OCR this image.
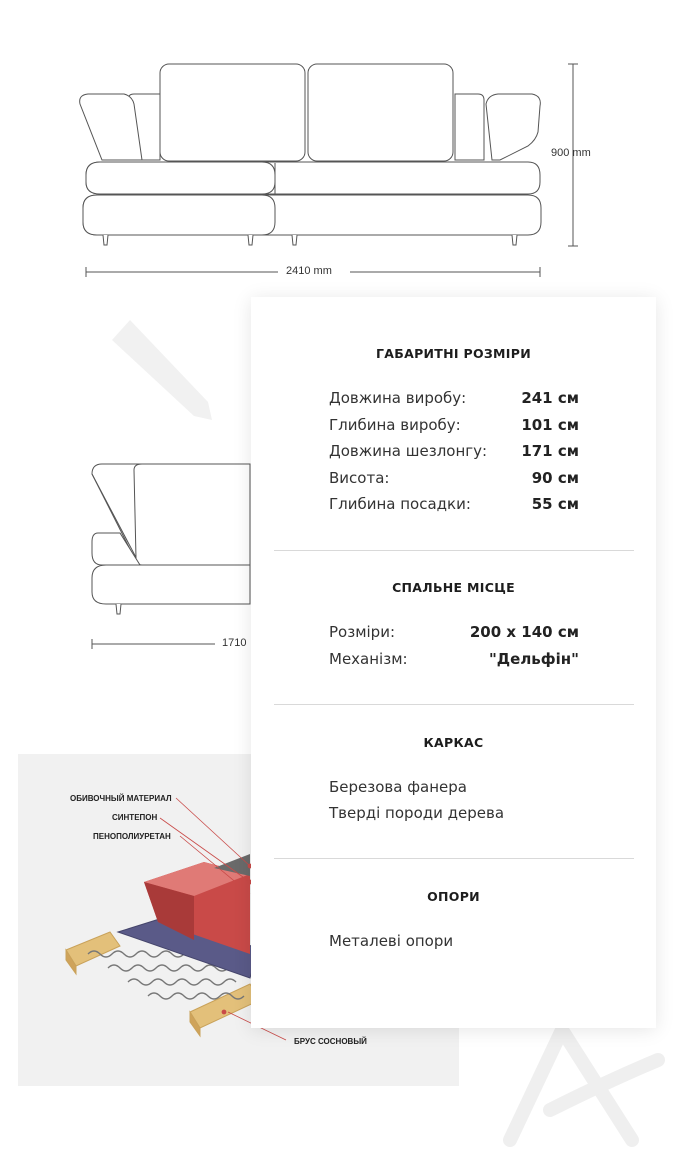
900 mm
2410 mm
1710
ОБИВОЧНЫЙ МАТЕРИАЛ
СИНТЕПОН
ПЕНОПОЛИУРЕТАН
БРУС СОСНОВЫЙ
ГАБАРИТНІ РОЗМІРИ
Довжина виробу:	241 см
Глибина виробу:	101 см
Довжина шезлонгу: 171 см
Висота:	90 см
Глибина посадки:	55 см
СПАЛЬНЕ МІСЦЕ
Розміри:	200 х 140 см
Механізм:	"Дельфін"
КАРКАС
Березова фанера
Тверді породи дерева
ОПОРИ
Металеві опори
